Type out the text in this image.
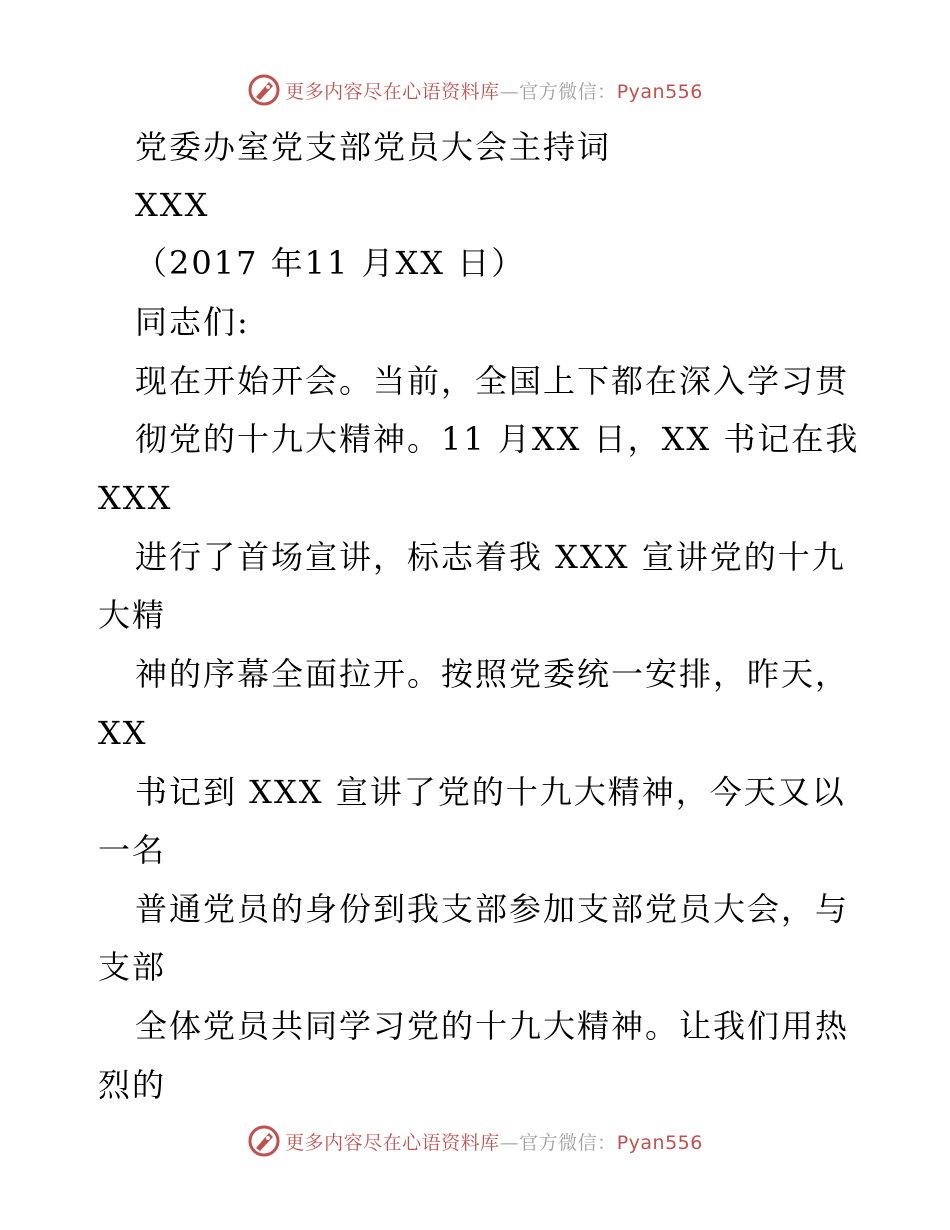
更多内容尽在心语资料库—官方微信：Pyan556
党委办室党支部党员大会主持词
XXX
（2017 年11 月XX 日）
同志们:
现在开始开会。当前，全国上下都在深入学习贯
彻党的十九大精神。11 月XX 日，XX 书记在我
XXX
进行了首场宣讲，标志着我 XXX 宣讲党的十九
大精
神的序幕全面拉开。按照党委统一安排，昨天，
XX
书记到 XXX 宣讲了党的十九大精神，今天又以
一名
普通党员的身份到我支部参加支部党员大会，与
支部
全体党员共同学习党的十九大精神。让我们用热
烈的
更多内容尽在心语资料库—官方微信：Pyan556
